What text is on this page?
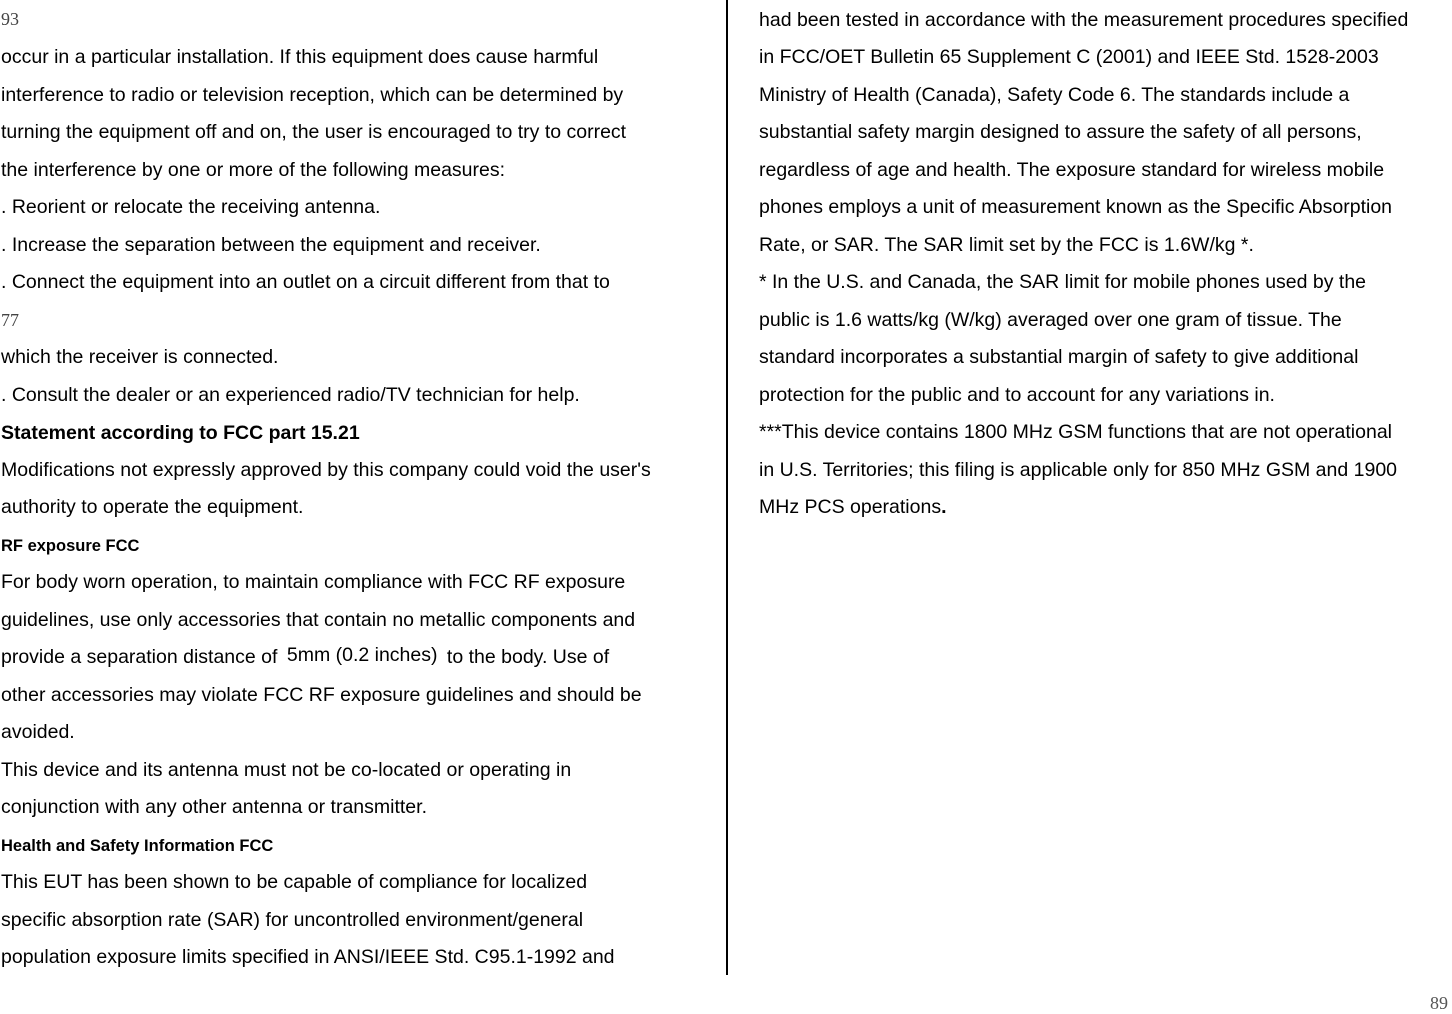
93
occur in a particular installation. If this equipment does cause harmful
interference to radio or television reception, which can be determined by
turning the equipment off and on, the user is encouraged to try to correct
the interference by one or more of the following measures:
. Reorient or relocate the receiving antenna.
. Increase the separation between the equipment and receiver.
. Connect the equipment into an outlet on a circuit different from that to
77
which the receiver is connected.
. Consult the dealer or an experienced radio/TV technician for help.
Statement according to FCC part 15.21
Modifications not expressly approved by this company could void the user's
authority to operate the equipment.
RF exposure FCC
For body worn operation, to maintain compliance with FCC RF exposure
guidelines, use only accessories that contain no metallic components and
provide a separation distance of 5mm (0.2 inches) to the body. Use of
other accessories may violate FCC RF exposure guidelines and should be
avoided.
This device and its antenna must not be co-located or operating in
conjunction with any other antenna or transmitter.
Health and Safety Information FCC
This EUT has been shown to be capable of compliance for localized
specific absorption rate (SAR) for uncontrolled environment/general
population exposure limits specified in ANSI/IEEE Std. C95.1-1992 and
had been tested in accordance with the measurement procedures specified
in FCC/OET Bulletin 65 Supplement C (2001) and IEEE Std. 1528-2003
Ministry of Health (Canada), Safety Code 6. The standards include a
substantial safety margin designed to assure the safety of all persons,
regardless of age and health. The exposure standard for wireless mobile
phones employs a unit of measurement known as the Specific Absorption
Rate, or SAR. The SAR limit set by the FCC is 1.6W/kg *.
* In the U.S. and Canada, the SAR limit for mobile phones used by the
public is 1.6 watts/kg (W/kg) averaged over one gram of tissue. The
standard incorporates a substantial margin of safety to give additional
protection for the public and to account for any variations in.
***This device contains 1800 MHz GSM functions that are not operational
in U.S. Territories; this filing is applicable only for 850 MHz GSM and 1900
MHz PCS operations.
89
